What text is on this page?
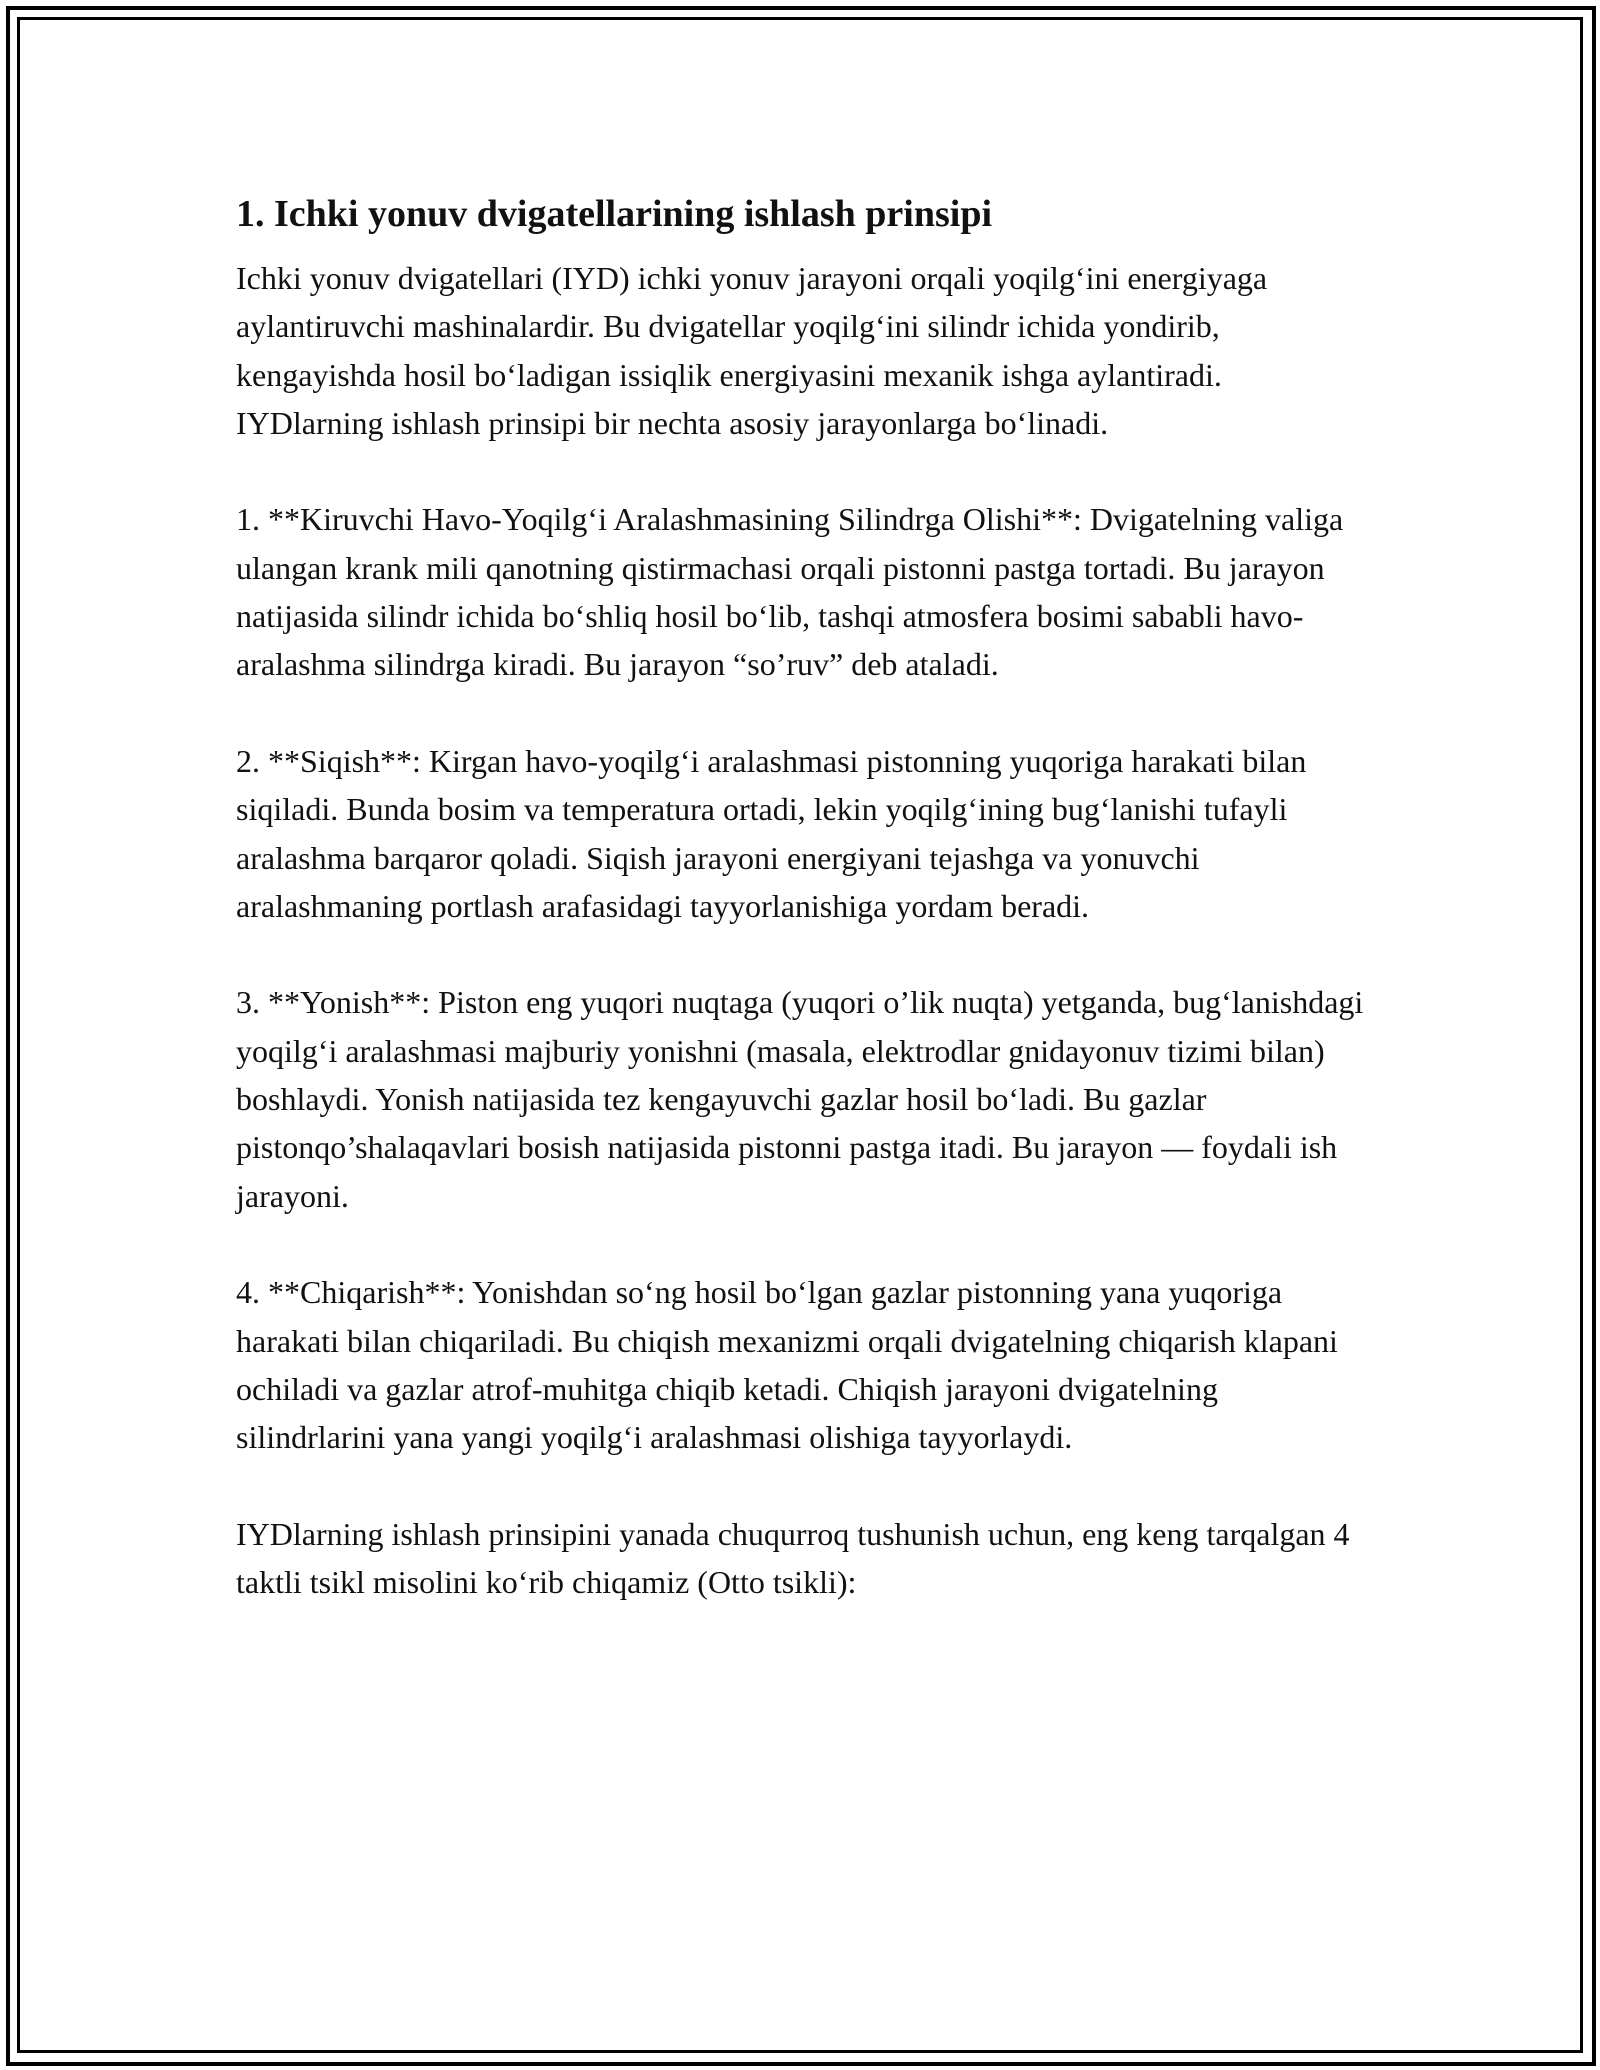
1. Ichki yonuv dvigatellarining ishlash prinsipi

Ichki yonuv dvigatellari (IYD) ichki yonuv jarayoni orqali yoqilg‘ini energiyaga aylantiruvchi mashinalardir. Bu dvigatellar yoqilg‘ini silindr ichida yondirib, kengayishda hosil bo‘ladigan issiqlik energiyasini mexanik ishga aylantiradi. IYDlarning ishlash prinsipi bir nechta asosiy jarayonlarga bo‘linadi.

1. **Kiruvchi Havo-Yoqilg‘i Aralashmasining Silindrga Olishi**: Dvigatelning valiga ulangan krank mili qanotning qistirmachasi orqali pistonni pastga tortadi. Bu jarayon natijasida silindr ichida bo‘shliq hosil bo‘lib, tashqi atmosfera bosimi sababli havo-aralashma silindrga kiradi. Bu jarayon “so’ruv” deb ataladi.

2. **Siqish**: Kirgan havo-yoqilg‘i aralashmasi pistonning yuqoriga harakati bilan siqiladi. Bunda bosim va temperatura ortadi, lekin yoqilg‘ining bug‘lanishi tufayli aralashma barqaror qoladi. Siqish jarayoni energiyani tejashga va yonuvchi aralashmaning portlash arafasidagi tayyorlanishiga yordam beradi.

3. **Yonish**: Piston eng yuqori nuqtaga (yuqori o’lik nuqta) yetganda, bug‘lanishdagi yoqilg‘i aralashmasi majburiy yonishni (masala, elektrodlar gnidayonuv tizimi bilan) boshlaydi. Yonish natijasida tez kengayuvchi gazlar hosil bo‘ladi. Bu gazlar pistonqo’shalaqavlari bosish natijasida pistonni pastga itadi. Bu jarayon — foydali ish jarayoni.

4. **Chiqarish**: Yonishdan so‘ng hosil bo‘lgan gazlar pistonning yana yuqoriga harakati bilan chiqariladi. Bu chiqish mexanizmi orqali dvigatelning chiqarish klapani ochiladi va gazlar atrof-muhitga chiqib ketadi. Chiqish jarayoni dvigatelning silindrlarini yana yangi yoqilg‘i aralashmasi olishiga tayyorlaydi.

IYDlarning ishlash prinsipini yanada chuqurroq tushunish uchun, eng keng tarqalgan 4 taktli tsikl misolini ko‘rib chiqamiz (Otto tsikli):
